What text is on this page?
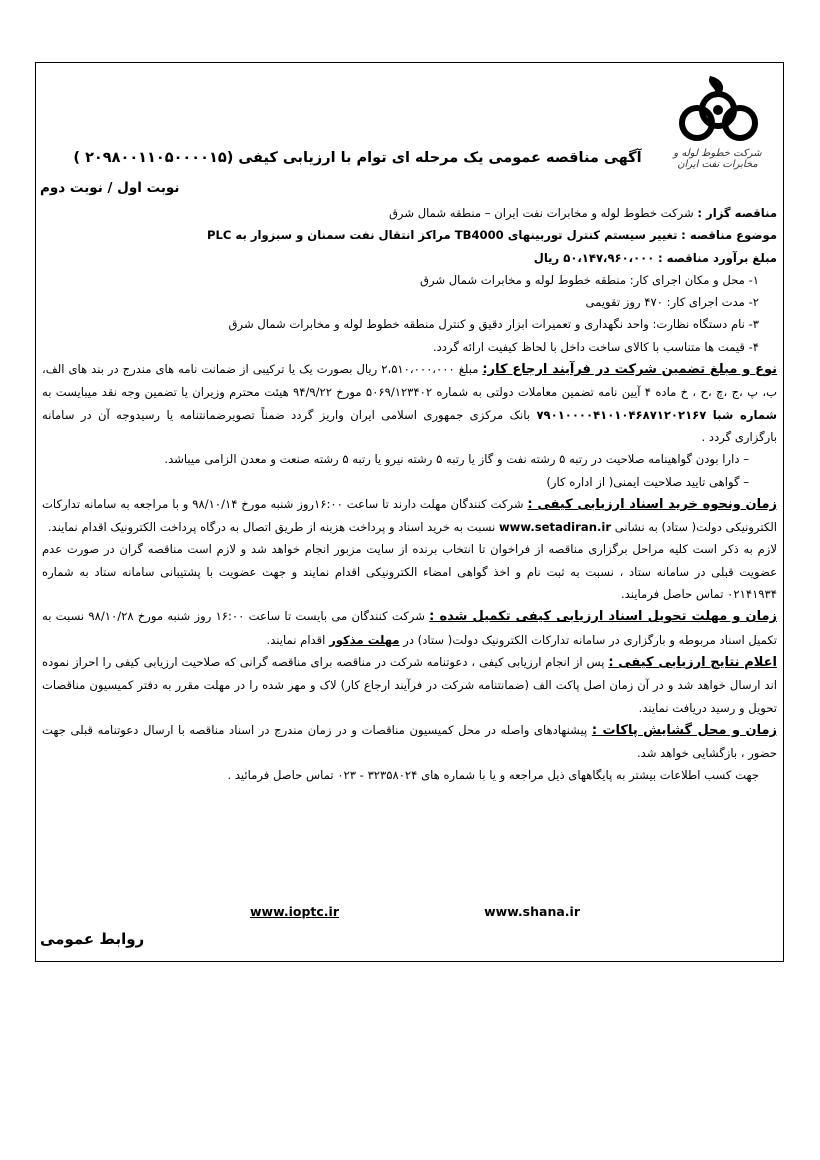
شرکت خطوط لوله و مخابرات نفت ایران
آگهی مناقصه عمومی یک مرحله ای توام با ارزیابی کیفی (۲۰۹۸۰۰۱۱۰۵۰۰۰۰۱۵ )
نوبت اول / نوبت دوم

مناقصه گزار : شرکت خطوط لوله و مخابرات نفت ایران – منطقه شمال شرق

موضوع مناقصه : تغییر سیستم کنترل توربینهای TB4000 مراکز انتقال نفت سمنان و سبزوار به PLC

مبلغ برآورد مناقصه : ۵۰،۱۴۷،۹۶۰،۰۰۰ ریال

۱- محل و مکان اجرای کار: منطقه خطوط لوله و مخابرات شمال شرق

۲- مدت اجرای کار: ۴۷۰ روز تقویمی

۳- نام دستگاه نظارت: واحد نگهداری و تعمیرات ابزار دقیق و کنترل منطقه خطوط لوله و مخابرات شمال شرق

۴- قیمت ها متناسب با کالای ساخت داخل با لحاظ کیفیت ارائه گردد.

نوع و مبلغ تضمین شرکت در فرآیند ارجاع کار: مبلغ ۲،۵۱۰،۰۰۰،۰۰۰ ریال بصورت یک یا ترکیبی از ضمانت نامه های مندرج در بند های الف، ب، پ ،ج ،چ ،ح ، خ ماده ۴ آیین نامه تضمین معاملات دولتی به شماره ۵۰۶۹/۱۲۳۴۰۲ مورخ ۹۴/۹/۲۲ هیئت محترم وزیران یا تضمین وجه نقد میبایست به شماره شبا ۷۹۰۱۰۰۰۰۴۱۰۱۰۴۶۸۷۱۲۰۲۱۶۷ بانک مرکزی جمهوری اسلامی ایران واریز گردد ضمناً تصویرضمانتنامه یا رسیدوجه آن در سامانه بارگزاری گردد .

– دارا بودن گواهینامه صلاحیت در رتبه ۵ رشته نفت و گاز یا رتبه ۵ رشته نیرو یا رتبه ۵ رشته صنعت و معدن الزامی میباشد.

– گواهی تایید صلاحیت ایمنی( از اداره کار)

زمان ونحوه خرید اسناد ارزیابی کیفی : شرکت کنندگان مهلت دارند تا ساعت ۱۶:۰۰روز شنبه مورخ ۹۸/۱۰/۱۴ و با مراجعه به سامانه تدارکات الکترونیکی دولت( ستاد) به نشانی www.setadiran.ir نسبت به خرید اسناد و پرداخت هزینه از طریق اتصال به درگاه پرداخت الکترونیک اقدام نمایند.

لازم به ذکر است کلیه مراحل برگزاری مناقصه از فراخوان تا انتخاب برنده از سایت مزبور انجام خواهد شد و لازم است مناقصه گران در صورت عدم عضویت قبلی در سامانه ستاد ، نسبت به ثبت نام و اخذ گواهی امضاء الکترونیکی اقدام نمایند و جهت عضویت با پشتیبانی سامانه ستاد به شماره ۰۲۱۴۱۹۳۴ تماس حاصل فرمایند.

زمان و مهلت تحویل اسناد ارزیابی کیفی تکمیل شده : شرکت کنندگان می بایست تا ساعت ۱۶:۰۰ روز شنبه مورخ ۹۸/۱۰/۲۸ نسبت به تکمیل اسناد مربوطه و بارگزاری در سامانه تدارکات الکترونیک دولت( ستاد) در مهلت مذکور اقدام نمایند.

اعلام نتایج ارزیابی کیفی : پس از انجام ارزیابی کیفی ، دعوتنامه شرکت در مناقصه برای مناقصه گرانی که صلاحیت ارزیابی کیفی را احراز نموده اند ارسال خواهد شد و در آن زمان اصل پاکت الف (ضمانتنامه شرکت در فرآیند ارجاع کار) لاک و مهر شده را در مهلت مقرر به دفتر کمیسیون مناقصات تحویل و رسید دریافت نمایند.

زمان و محل گشایش پاکات : پیشنهادهای واصله در محل کمیسیون مناقصات و در زمان مندرج در اسناد مناقصه با ارسال دعوتنامه قبلی جهت حضور ، بازگشایی خواهد شد.

جهت کسب اطلاعات بیشتر به پایگاههای ذیل مراجعه و یا با شماره های ۳۲۳۵۸۰۲۴ - ۰۲۳ تماس حاصل فرمائید .

www.ioptc.ir	www.shana.ir
روابط عمومی
